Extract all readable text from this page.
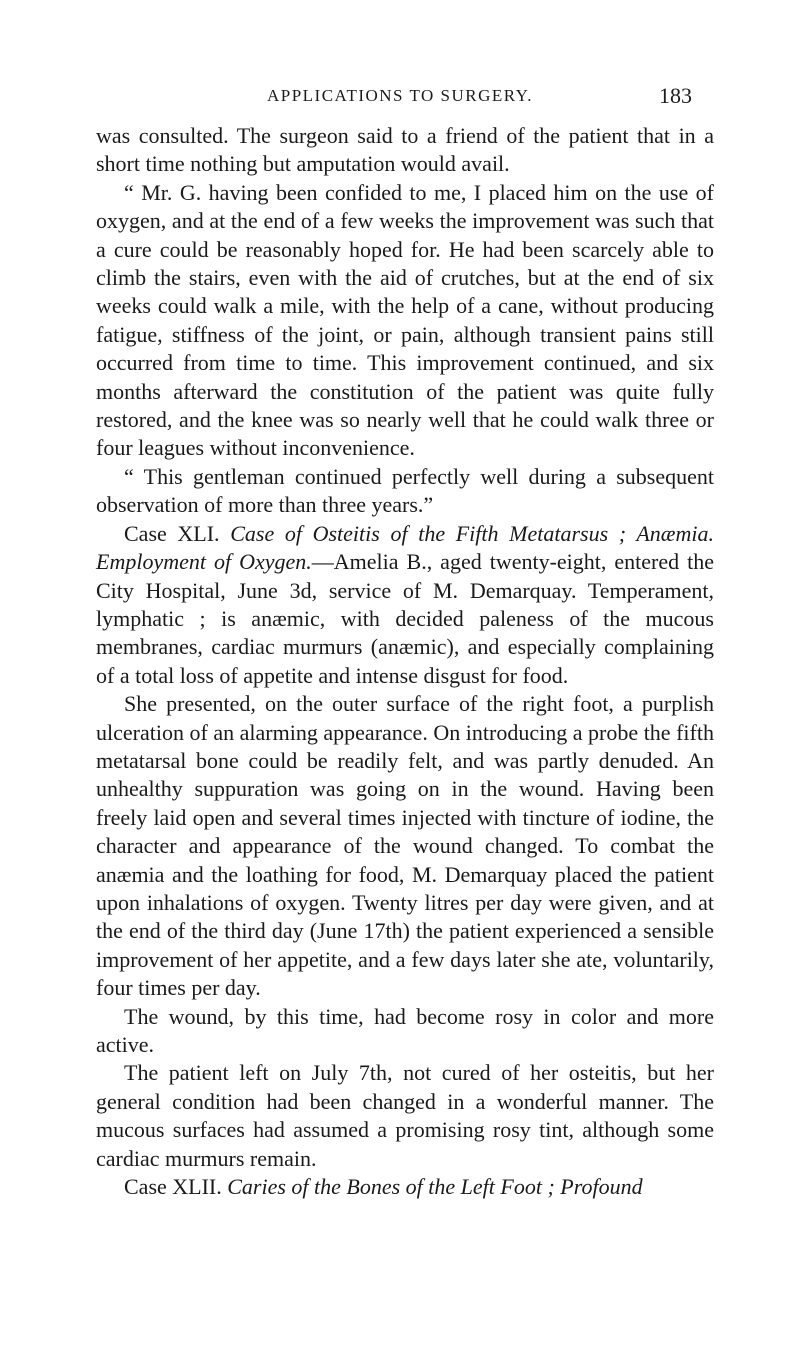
APPLICATIONS TO SURGERY.	183

was consulted. The surgeon said to a friend of the patient that in a short time nothing but amputation would avail.

“ Mr. G. having been confided to me, I placed him on the use of oxygen, and at the end of a few weeks the improvement was such that a cure could be reasonably hoped for. He had been scarcely able to climb the stairs, even with the aid of crutches, but at the end of six weeks could walk a mile, with the help of a cane, without producing fatigue, stiffness of the joint, or pain, although transient pains still occurred from time to time. This improvement continued, and six months afterward the constitution of the patient was quite fully restored, and the knee was so nearly well that he could walk three or four leagues without inconvenience.

“ This gentleman continued perfectly well during a subsequent observation of more than three years.”

Case XLI. Case of Osteitis of the Fifth Metatarsus ; Anæmia. Employment of Oxygen.—Amelia B., aged twenty-eight, entered the City Hospital, June 3d, service of M. Demarquay. Temperament, lymphatic ; is anæmic, with decided paleness of the mucous membranes, cardiac murmurs (anæmic), and especially complaining of a total loss of appetite and intense disgust for food.

She presented, on the outer surface of the right foot, a purplish ulceration of an alarming appearance. On introducing a probe the fifth metatarsal bone could be readily felt, and was partly denuded. An unhealthy suppuration was going on in the wound. Having been freely laid open and several times injected with tincture of iodine, the character and appearance of the wound changed. To combat the anæmia and the loathing for food, M. Demarquay placed the patient upon inhalations of oxygen. Twenty litres per day were given, and at the end of the third day (June 17th) the patient experienced a sensible improvement of her appetite, and a few days later she ate, voluntarily, four times per day.

The wound, by this time, had become rosy in color and more active.

The patient left on July 7th, not cured of her osteitis, but her general condition had been changed in a wonderful manner. The mucous surfaces had assumed a promising rosy tint, although some cardiac murmurs remain.

Case XLII. Caries of the Bones of the Left Foot ; Profound
